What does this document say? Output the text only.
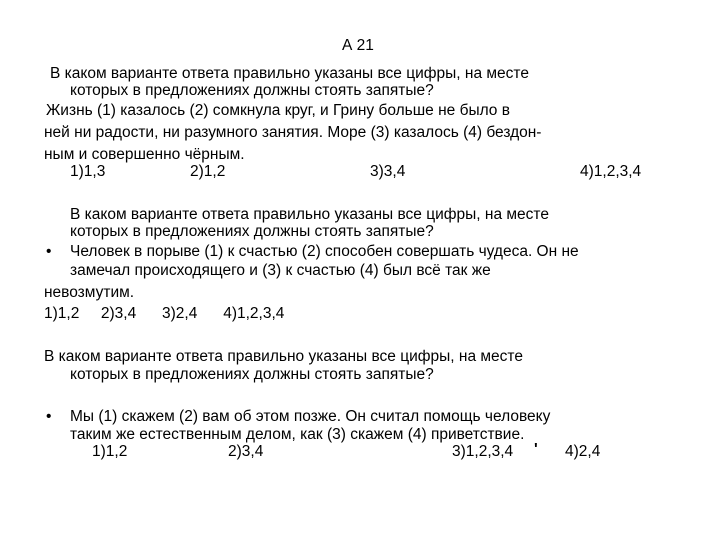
А 21
В каком варианте ответа правильно указаны все цифры, на месте
которых в предложениях должны стоять запятые?
Жизнь (1) казалось (2) сомкнула круг, и Грину больше не было в
ней ни радости, ни разумного занятия. Море (3) казалось (4) бездон-
ным и совершенно чёрным.
1)1,3	2)1,2	3)3,4	4)1,2,3,4
В каком варианте ответа правильно указаны все цифры, на месте
которых в предложениях должны стоять запятые?
• Человек в порыве (1) к счастью (2) способен совершать чудеса. Он не
замечал происходящего и (3) к счастью (4) был всё так же
невозмутим.
1)1,2     2)3,4      3)2,4      4)1,2,3,4
В каком варианте ответа правильно указаны все цифры, на месте
которых в предложениях должны стоять запятые?
• Мы (1) скажем (2) вам об этом позже. Он считал помощь человеку
таким же естественным делом, как (3) скажем (4) приветствие.
1)1,2	2)3,4	3)1,2,3,4 ' 4)2,4
